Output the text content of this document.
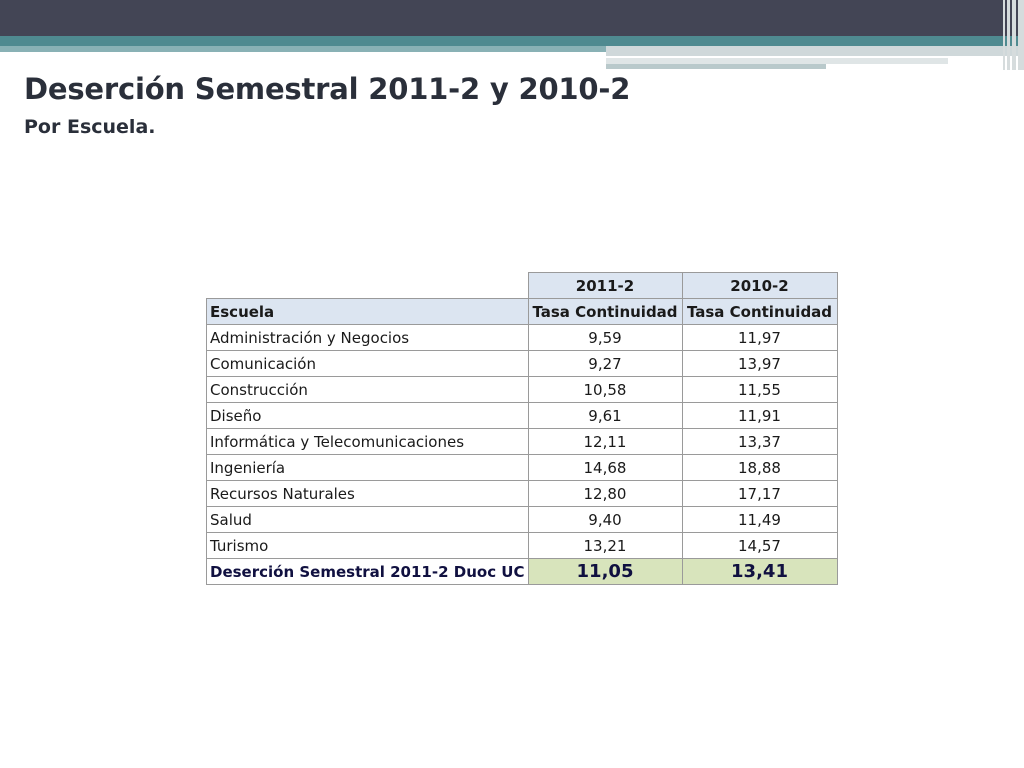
Deserción Semestral 2011-2 y 2010-2
Por Escuela.
	2011-2	2010-2
Escuela	Tasa Continuidad	Tasa Continuidad
Administración y Negocios	9,59	11,97
Comunicación	9,27	13,97
Construcción	10,58	11,55
Diseño	9,61	11,91
Informática y Telecomunicaciones	12,11	13,37
Ingeniería	14,68	18,88
Recursos Naturales	12,80	17,17
Salud	9,40	11,49
Turismo	13,21	14,57
Deserción Semestral 2011-2 Duoc UC	11,05	13,41
